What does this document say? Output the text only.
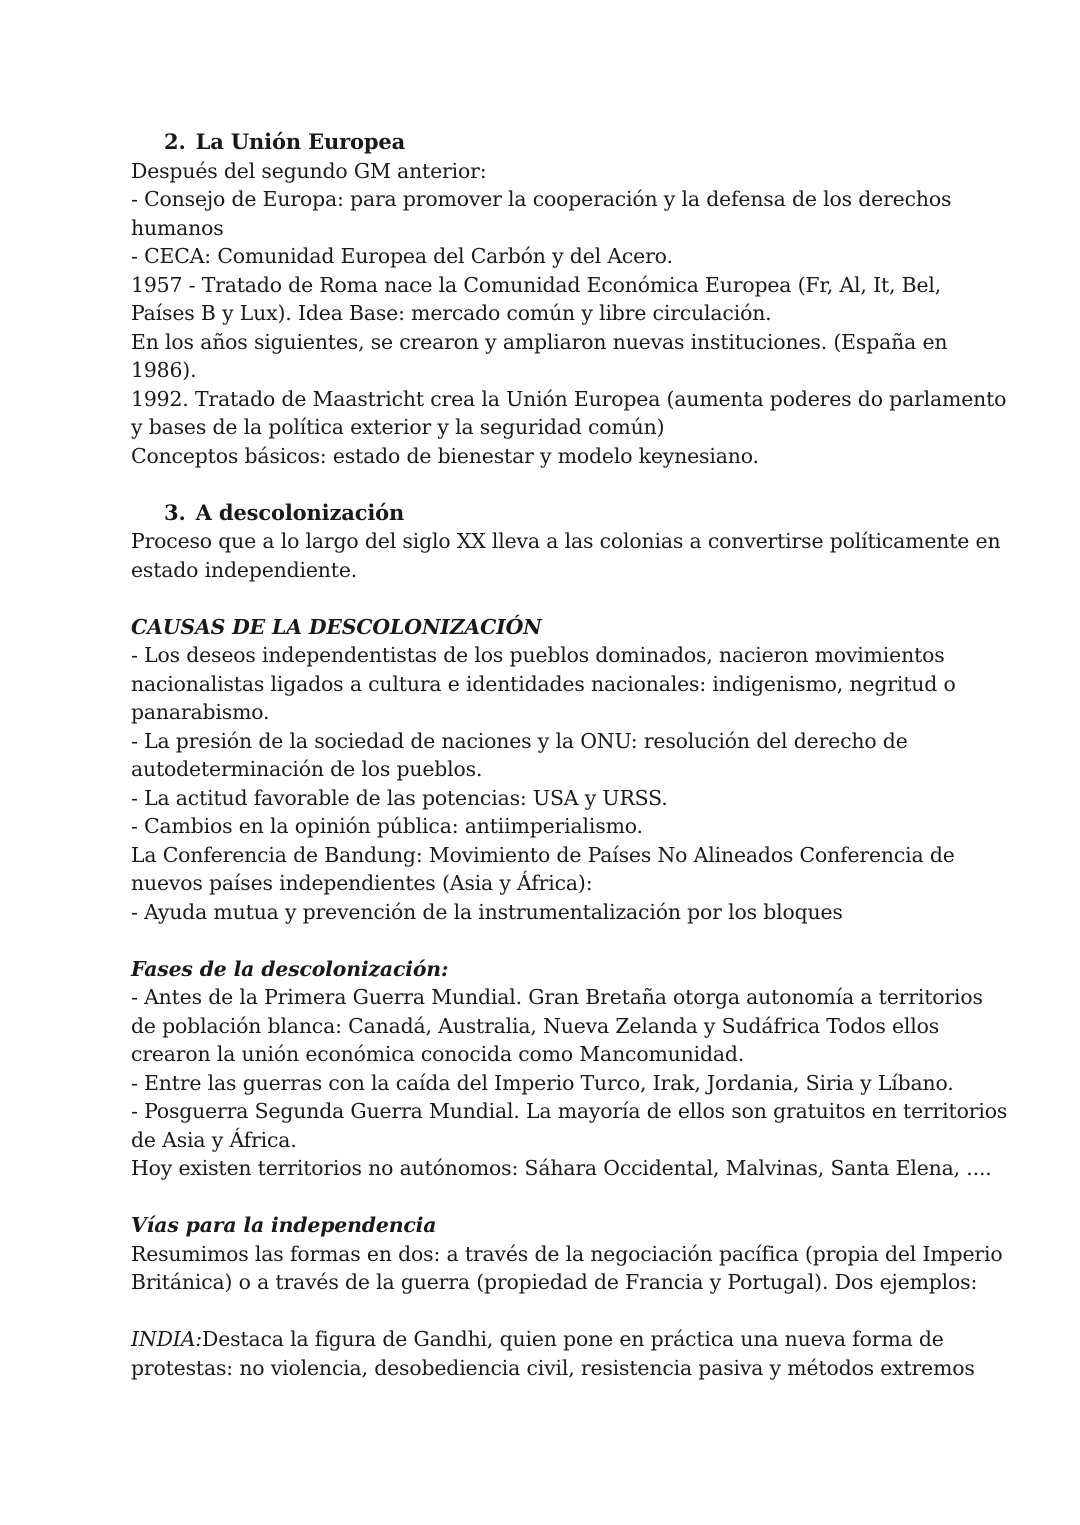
2. La Unión Europea
Después del segundo GM anterior:
- Consejo de Europa: para promover la cooperación y la defensa de los derechos
humanos
- CECA: Comunidad Europea del Carbón y del Acero.
1957 - Tratado de Roma nace la Comunidad Económica Europea (Fr, Al, It, Bel,
Países B y Lux). Idea Base: mercado común y libre circulación.
En los años siguientes, se crearon y ampliaron nuevas instituciones. (España en
1986).
1992. Tratado de Maastricht crea la Unión Europea (aumenta poderes do parlamento
y bases de la política exterior y la seguridad común)
Conceptos básicos: estado de bienestar y modelo keynesiano.
3. A descolonización
Proceso que a lo largo del siglo XX lleva a las colonias a convertirse políticamente en
estado independiente.
CAUSAS DE LA DESCOLONIZACIÓN
- Los deseos independentistas de los pueblos dominados, nacieron movimientos
nacionalistas ligados a cultura e identidades nacionales: indigenismo, negritud o
panarabismo.
- La presión de la sociedad de naciones y la ONU: resolución del derecho de
autodeterminación de los pueblos.
- La actitud favorable de las potencias: USA y URSS.
- Cambios en la opinión pública: antiimperialismo.
La Conferencia de Bandung: Movimiento de Países No Alineados Conferencia de
nuevos países independientes (Asia y África):
- Ayuda mutua y prevención de la instrumentalización por los bloques
Fases de la descolonización:
- Antes de la Primera Guerra Mundial. Gran Bretaña otorga autonomía a territorios
de población blanca: Canadá, Australia, Nueva Zelanda y Sudáfrica Todos ellos
crearon la unión económica conocida como Mancomunidad.
- Entre las guerras con la caída del Imperio Turco, Irak, Jordania, Siria y Líbano.
- Posguerra Segunda Guerra Mundial. La mayoría de ellos son gratuitos en territorios
de Asia y África.
Hoy existen territorios no autónomos: Sáhara Occidental, Malvinas, Santa Elena, ....
Vías para la independencia
Resumimos las formas en dos: a través de la negociación pacífica (propia del Imperio
Británica) o a través de la guerra (propiedad de Francia y Portugal). Dos ejemplos:
INDIA:Destaca la figura de Gandhi, quien pone en práctica una nueva forma de
protestas: no violencia, desobediencia civil, resistencia pasiva y métodos extremos
